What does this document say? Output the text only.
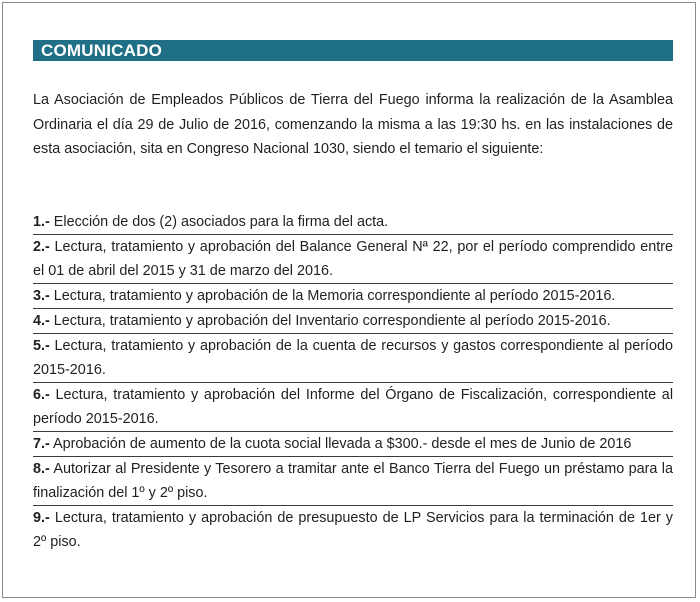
COMUNICADO

La Asociación de Empleados Públicos de Tierra del Fuego informa la realización de la Asamblea Ordinaria el día 29 de Julio de 2016, comenzando la misma a las 19:30 hs. en las instalaciones de esta asociación, sita en Congreso Nacional 1030, siendo el temario el siguiente:

1.- Elección de dos (2) asociados para la firma del acta.
2.- Lectura, tratamiento y aprobación del Balance General Nª 22, por el período comprendido entre el 01 de abril del 2015 y 31 de marzo del 2016.
3.- Lectura, tratamiento y aprobación de la Memoria correspondiente al período 2015-2016.
4.- Lectura, tratamiento y aprobación del Inventario correspondiente al período 2015-2016.
5.- Lectura, tratamiento y aprobación de la cuenta de recursos y gastos correspondiente al período 2015-2016.
6.- Lectura, tratamiento y aprobación del Informe del Órgano de Fiscalización, correspondiente al período 2015-2016.
7.- Aprobación de aumento de la cuota social llevada a $300.- desde el mes de Junio de 2016
8.- Autorizar al Presidente y Tesorero a tramitar ante el Banco Tierra del Fuego un préstamo para la finalización del 1º y 2º piso.
9.- Lectura, tratamiento y aprobación de presupuesto de LP Servicios para la terminación de 1er y 2º piso.
